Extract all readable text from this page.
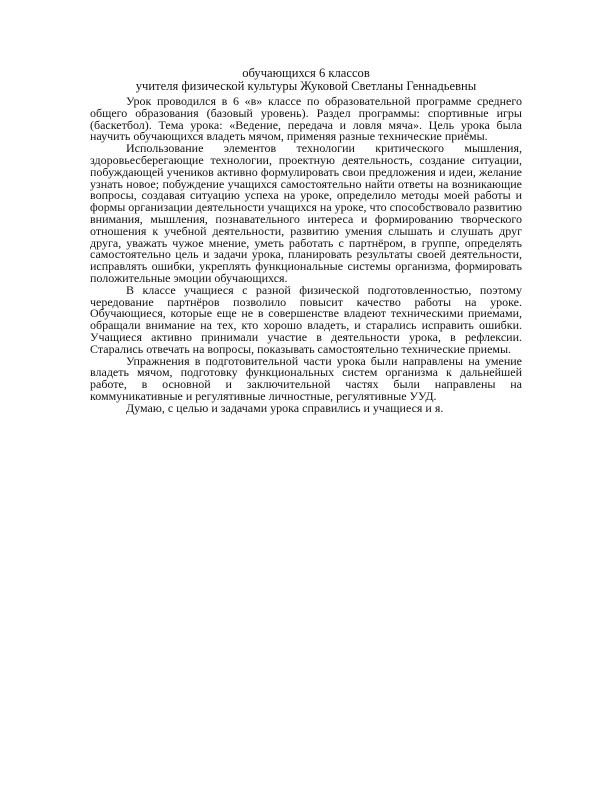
обучающихся 6 классов
учителя физической культуры Жуковой Светланы Геннадьевны

Урок проводился в 6 «в» классе по образовательной программе среднего общего образования (базовый уровень). Раздел программы: спортивные игры (баскетбол). Тема урока: «Ведение, передача и ловля мяча». Цель урока была научить обучающихся владеть мячом, применяя разные технические приёмы.

Использование элементов технологии критического мышления, здоровьесберегающие технологии, проектную деятельность, создание ситуации, побуждающей учеников активно формулировать свои предложения и идеи, желание узнать новое; побуждение учащихся самостоятельно найти ответы на возникающие вопросы, создавая ситуацию успеха на уроке, определило методы моей работы и формы организации деятельности учащихся на уроке, что способствовало развитию внимания, мышления, познавательного интереса и формированию творческого отношения к учебной деятельности, развитию умения слышать и слушать друг друга, уважать чужое мнение, уметь работать с партнёром, в группе, определять самостоятельно цель и задачи урока, планировать результаты своей деятельности, исправлять ошибки, укреплять функциональные системы организма, формировать положительные эмоции обучающихся.

В классе учащиеся с разной физической подготовленностью, поэтому чередование партнёров позволило повысит качество работы на уроке. Обучающиеся, которые еще не в совершенстве владеют техническими приемами, обращали внимание на тех, кто хорошо владеть, и старались исправить ошибки. Учащиеся активно принимали участие в деятельности урока, в рефлексии. Старались отвечать на вопросы, показывать самостоятельно технические приемы.

Упражнения в подготовительной части урока были направлены на умение владеть мячом, подготовку функциональных систем организма к дальнейшей работе, в основной и заключительной частях были направлены на коммуникативные и регулятивные личностные, регулятивные УУД.

Думаю, с целью и задачами урока справились и учащиеся и я.
